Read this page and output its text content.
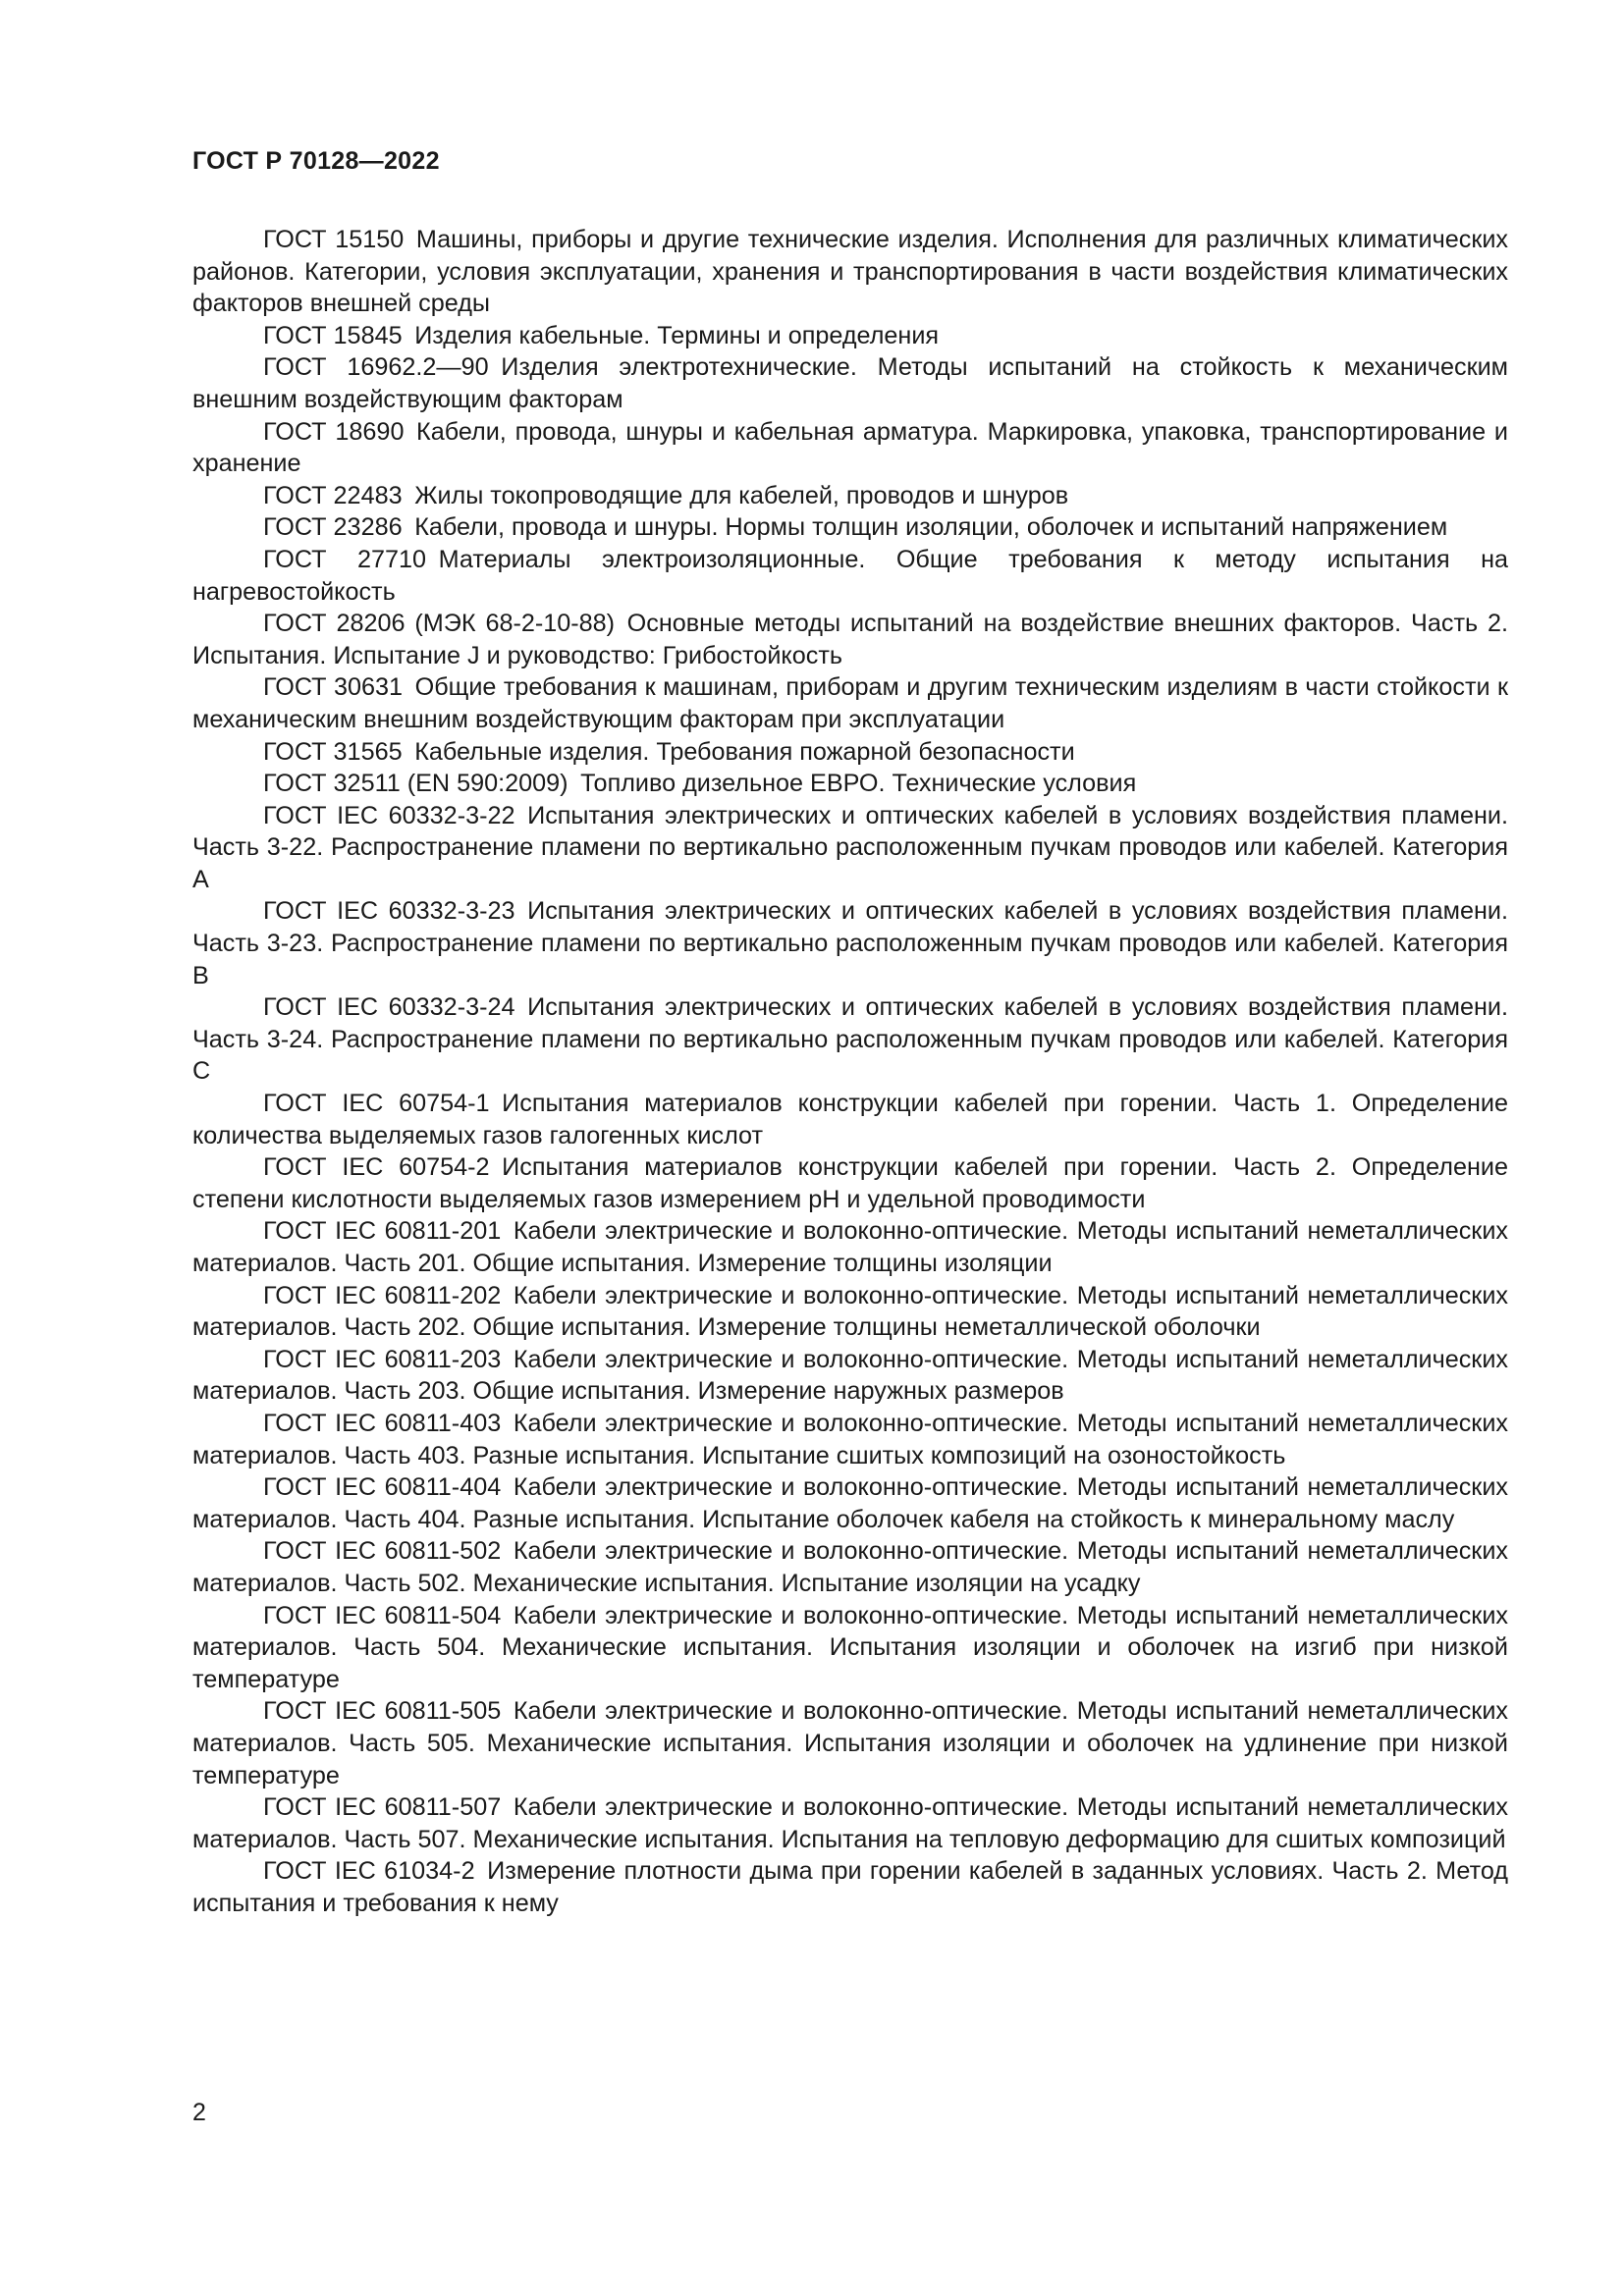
ГОСТ Р 70128—2022

ГОСТ 15150  Машины, приборы и другие технические изделия. Исполнения для различных климатических районов. Категории, условия эксплуатации, хранения и транспортирования в части воздействия климатических факторов внешней среды

ГОСТ 15845  Изделия кабельные. Термины и определения

ГОСТ 16962.2—90  Изделия электротехнические. Методы испытаний на стойкость к механическим внешним воздействующим факторам

ГОСТ 18690  Кабели, провода, шнуры и кабельная арматура. Маркировка, упаковка, транспортирование и хранение

ГОСТ 22483  Жилы токопроводящие для кабелей, проводов и шнуров

ГОСТ 23286  Кабели, провода и шнуры. Нормы толщин изоляции, оболочек и испытаний напряжением

ГОСТ 27710  Материалы электроизоляционные. Общие требования к методу испытания на нагревостойкость

ГОСТ 28206 (МЭК 68-2-10-88)  Основные методы испытаний на воздействие внешних факторов. Часть 2. Испытания. Испытание J и руководство: Грибостойкость

ГОСТ 30631  Общие требования к машинам, приборам и другим техническим изделиям в части стойкости к механическим внешним воздействующим факторам при эксплуатации

ГОСТ 31565  Кабельные изделия. Требования пожарной безопасности

ГОСТ 32511 (EN 590:2009)  Топливо дизельное ЕВРО. Технические условия

ГОСТ IEC 60332-3-22  Испытания электрических и оптических кабелей в условиях воздействия пламени. Часть 3-22. Распространение пламени по вертикально расположенным пучкам проводов или кабелей. Категория А

ГОСТ IEC 60332-3-23  Испытания электрических и оптических кабелей в условиях воздействия пламени. Часть 3-23. Распространение пламени по вертикально расположенным пучкам проводов или кабелей. Категория В

ГОСТ IEC 60332-3-24  Испытания электрических и оптических кабелей в условиях воздействия пламени. Часть 3-24. Распространение пламени по вертикально расположенным пучкам проводов или кабелей. Категория С

ГОСТ IEC 60754-1  Испытания материалов конструкции кабелей при горении. Часть 1. Определение количества выделяемых газов галогенных кислот

ГОСТ IEC 60754-2  Испытания материалов конструкции кабелей при горении. Часть 2. Определение степени кислотности выделяемых газов измерением pH и удельной проводимости

ГОСТ IEC 60811-201  Кабели электрические и волоконно-оптические. Методы испытаний неметаллических материалов. Часть 201. Общие испытания. Измерение толщины изоляции

ГОСТ IEC 60811-202  Кабели электрические и волоконно-оптические. Методы испытаний неметаллических материалов. Часть 202. Общие испытания. Измерение толщины неметаллической оболочки

ГОСТ IEC 60811-203  Кабели электрические и волоконно-оптические. Методы испытаний неметаллических материалов. Часть 203. Общие испытания. Измерение наружных размеров

ГОСТ IEC 60811-403  Кабели электрические и волоконно-оптические. Методы испытаний неметаллических материалов. Часть 403. Разные испытания. Испытание сшитых композиций на озоностойкость

ГОСТ IEC 60811-404  Кабели электрические и волоконно-оптические. Методы испытаний неметаллических материалов. Часть 404. Разные испытания. Испытание оболочек кабеля на стойкость к минеральному маслу

ГОСТ IEC 60811-502  Кабели электрические и волоконно-оптические. Методы испытаний неметаллических материалов. Часть 502. Механические испытания. Испытание изоляции на усадку

ГОСТ IEC 60811-504  Кабели электрические и волоконно-оптические. Методы испытаний неметаллических материалов. Часть 504. Механические испытания. Испытания изоляции и оболочек на изгиб при низкой температуре

ГОСТ IEC 60811-505  Кабели электрические и волоконно-оптические. Методы испытаний неметаллических материалов. Часть 505. Механические испытания. Испытания изоляции и оболочек на удлинение при низкой температуре

ГОСТ IEC 60811-507  Кабели электрические и волоконно-оптические. Методы испытаний неметаллических материалов. Часть 507. Механические испытания. Испытания на тепловую деформацию для сшитых композиций

ГОСТ IEC 61034-2  Измерение плотности дыма при горении кабелей в заданных условиях. Часть 2. Метод испытания и требования к нему

2
